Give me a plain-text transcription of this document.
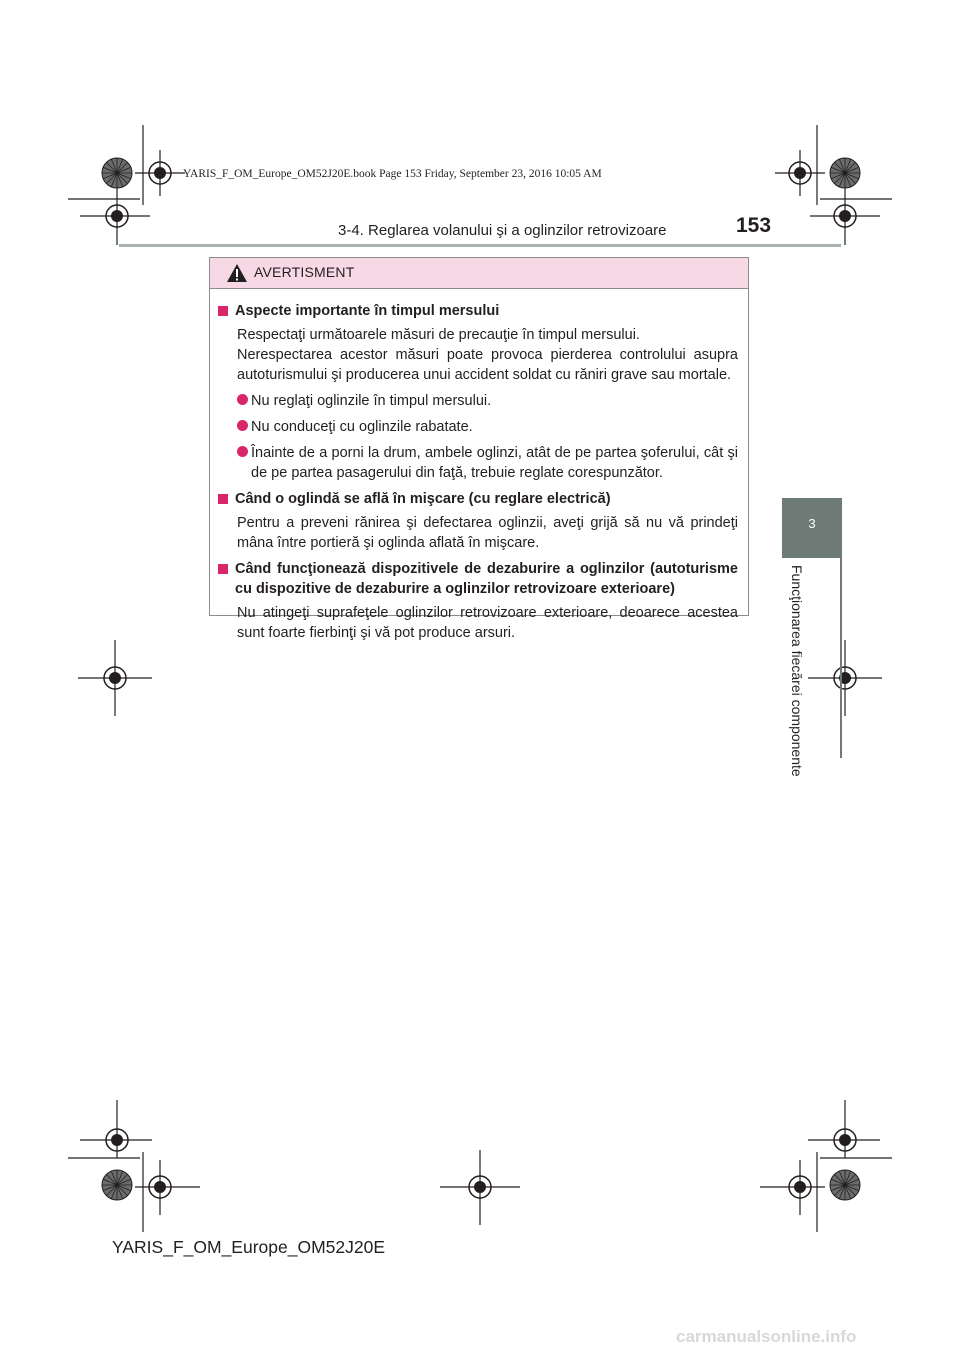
YARIS_F_OM_Europe_OM52J20E.book Page 153 Friday, September 23, 2016 10:05 AM
3-4. Reglarea volanului şi a oglinzilor retrovizoare	153
3
Funcţionarea fiecărei componente
AVERTISMENT
Aspecte importante în timpul mersului
Respectaţi următoarele măsuri de precauţie în timpul mersului.
Nerespectarea acestor măsuri poate provoca pierderea controlului asupra autoturismului şi producerea unui accident soldat cu răniri grave sau mortale.
Nu reglaţi oglinzile în timpul mersului.
Nu conduceţi cu oglinzile rabatate.
Înainte de a porni la drum, ambele oglinzi, atât de pe partea şoferului, cât şi de pe partea pasagerului din faţă, trebuie reglate corespunzător.
Când o oglindă se află în mişcare (cu reglare electrică)
Pentru a preveni rănirea şi defectarea oglinzii, aveţi grijă să nu vă prindeţi mâna între portieră şi oglinda aflată în mişcare.
Când funcţionează dispozitivele de dezaburire a oglinzilor (autoturisme cu dispozitive de dezaburire a oglinzilor retrovizoare exterioare)
Nu atingeţi suprafeţele oglinzilor retrovizoare exterioare, deoarece acestea sunt foarte fierbinţi şi vă pot produce arsuri.
YARIS_F_OM_Europe_OM52J20E
carmanualsonline.info
